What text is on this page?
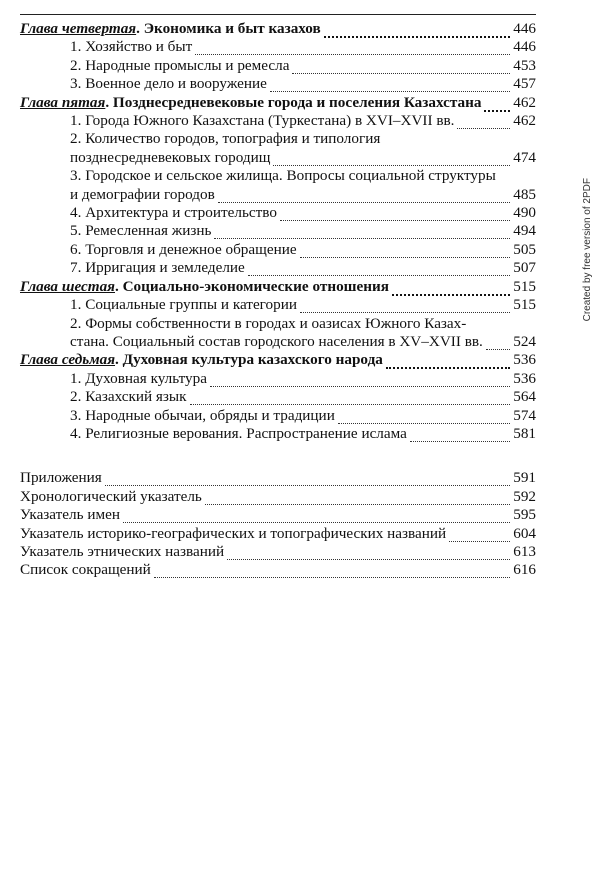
Глава четвертая. Экономика и быт казахов	446
1. Хозяйство и быт	446
2. Народные промыслы и ремесла	453
3. Военное дело и вооружение	457
Глава пятая. Позднесредневековые города и поселения Казахстана 462
1. Города Южного Казахстана (Туркестана) в XVI–XVII вв.	462
2. Количество городов, топография и типология
позднесредневековых городищ	474
3. Городское и сельское жилища. Вопросы социальной структуры
и демографии городов	485
4. Архитектура и строительство	490
5. Ремесленная жизнь	494
6. Торговля и денежное обращение	505
7. Ирригация и земледелие	507
Глава шестая. Социально-экономические отношения	515
1. Социальные группы и категории	515
2. Формы собственности в городах и оазисах Южного Казах-
стана. Социальный состав городского населения в XV–XVII вв. 524
Глава седьмая. Духовная культура казахского народа	536
1. Духовная культура	536
2. Казахский язык	564
3. Народные обычаи, обряды и традиции	574
4. Религиозные верования. Распространение ислама	581
Приложения	591
Хронологический указатель	592
Указатель имен	595
Указатель историко-географических и топографических названий	604
Указатель этнических названий	613
Список сокращений	616
Created by free version of 2PDF
